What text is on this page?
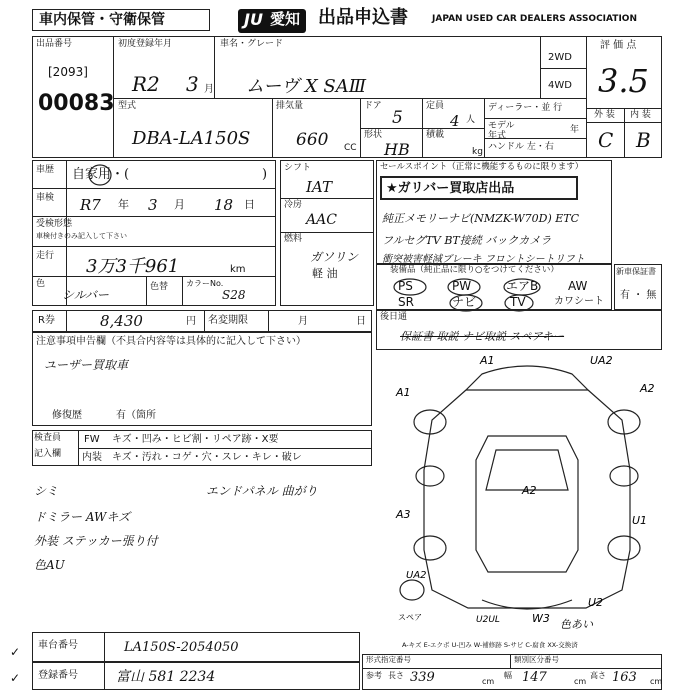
車内保管・守衛保管	JU 愛知 出品申込書	JAPAN USED CAR DEALERS ASSOCIATION
出品番号
[2093]
00083
初度登録年月
R2 3 月
車名・グレード
ムーヴ X SAⅢ
2WD
4WD
評 価 点
3.5
型式
DBA-LA150S
排気量
660 CC
ドア
5
定員
4 人
形状
HB
積載
kg
ディーラー・並 行
モデル 年式
年
ハンドル 左・右
外 装 内 装
C B
車歴 自家用・(	)
車検 R7 年 3 月 18 日
受検形態
車検付きのみ記入して下さい
走行 3万3千961	km
色
シルバー
色替 カラーNo.
S28
シフト
IAT
冷房
AAC
燃料
ガソリン
軽 油
セールスポイント（正常に機能するものに限ります）
★ガリバー買取店出品
純正メモリーナビ(NMZK-W70D) ETC
フルセグTV BT接続 バックカメラ
衝突被害軽減ブレーキ フロントシートリフト
装備品（純正品に限り○をつけてください）
PS	PW	エアB AW
SR	ナビ	TV	カワシート
新車保証書
有 ・ 無
R券	8,430	円 名変期限	月	日
注意事項申告欄（不具合内容等は具体的に記入して下さい）
ユーザー買取車
修復歴	有（箇所
後日通
保証書 取説 ナビ取説 スペアキー
検査員
記入欄
FW キズ・凹み・ヒビ割・リペア跡・X要
内装 キズ・汚れ・コゲ・穴・スレ・キレ・破レ
シミ	エンドパネル 曲がり
ドミラー AWキズ
外装 ステッカー張り付
色AU
A1	UA2
A1	A2
A2
A3	U1
UA2
U2
W3
U2UL	色あい
スペア
A-キズ E-エクボ U-凹み W-補修跡 S-サビ C-腐食 XX-交換済
車台番号	LA150S-2054050
登録番号	富山 581 2234
✓
✓
形式指定番号	類別区分番号
参考 長さ 339	cm
幅 147	cm
高さ 163 cm
